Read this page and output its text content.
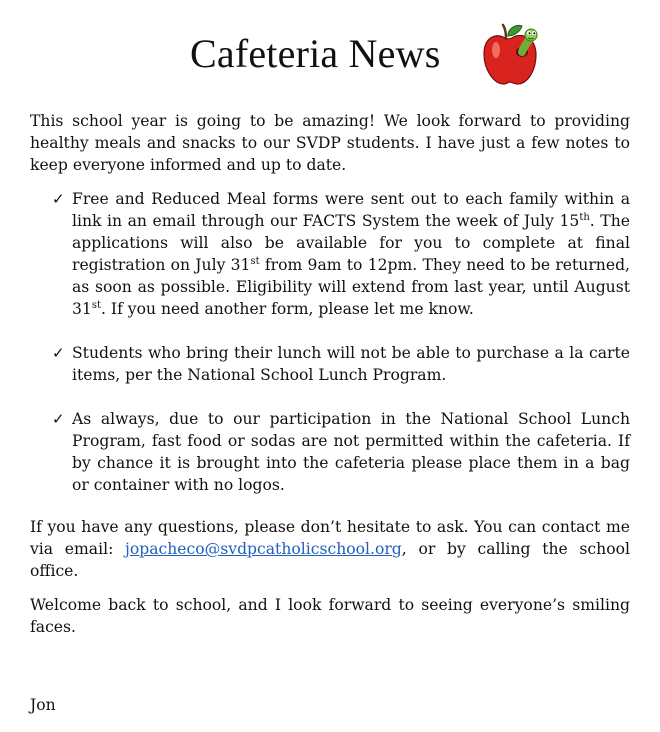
Cafeteria News

This school year is going to be amazing! We look forward to providing healthy meals and snacks to our SVDP students. I have just a few notes to keep everyone informed and up to date.

✓ Free and Reduced Meal forms were sent out to each family within a link in an email through our FACTS System the week of July 15th. The applications will also be available for you to complete at final registration on July 31st from 9am to 12pm. They need to be returned, as soon as possible. Eligibility will extend from last year, until August 31st. If you need another form, please let me know.
✓ Students who bring their lunch will not be able to purchase a la carte items, per the National School Lunch Program.
✓ As always, due to our participation in the National School Lunch Program, fast food or sodas are not permitted within the cafeteria. If by chance it is brought into the cafeteria please place them in a bag or container with no logos.

If you have any questions, please don’t hesitate to ask. You can contact me via email: jopacheco@svdpcatholicschool.org, or by calling the school office.

Welcome back to school, and I look forward to seeing everyone’s smiling faces.

Jon
